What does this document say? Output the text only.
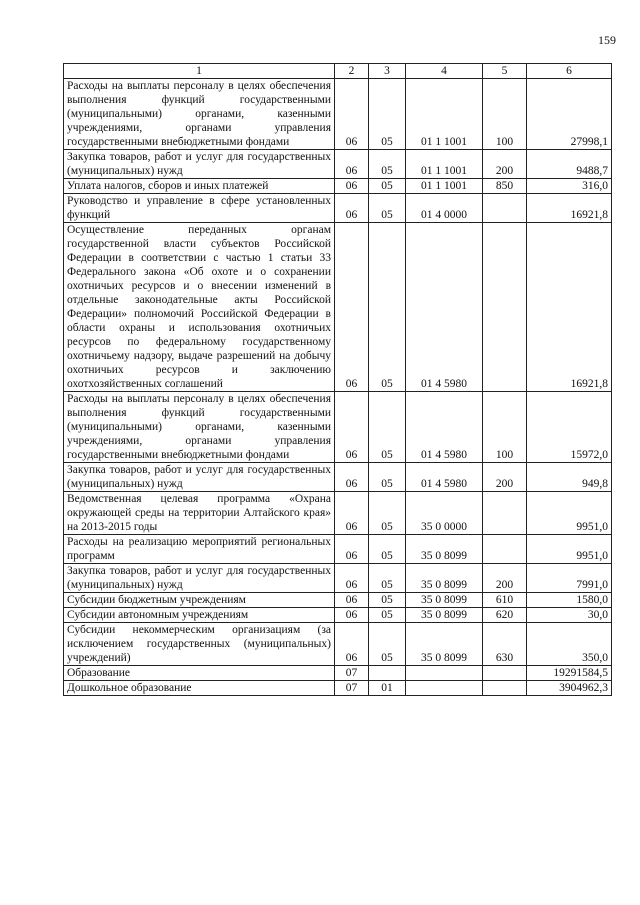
159
1	2	3	4	5	6
Расходы на выплаты персоналу в целях обеспечения выполнения функций государственными (муниципальными) органами, казенными учреждениями, органами управления государственными внебюджетными фондами	06	05	01 1 1001	100	27998,1
Закупка товаров, работ и услуг для государственных (муниципальных) нужд	06	05	01 1 1001	200	9488,7
Уплата налогов, сборов и иных платежей	06	05	01 1 1001	850	316,0
Руководство и управление в сфере установленных функций	06	05	01 4 0000		16921,8
Осуществление переданных органам государственной власти субъектов Российской Федерации в соответствии с частью 1 статьи 33 Федерального закона «Об охоте и о сохранении охотничьих ресурсов и о внесении изменений в отдельные законодательные акты Российской Федерации» полномочий Российской Федерации в области охраны и использования охотничьих ресурсов по федеральному государственному охотничьему надзору, выдаче разрешений на добычу охотничьих ресурсов и заключению охотхозяйственных соглашений	06	05	01 4 5980		16921,8
Расходы на выплаты персоналу в целях обеспечения выполнения функций государственными (муниципальными) органами, казенными учреждениями, органами управления государственными внебюджетными фондами	06	05	01 4 5980	100	15972,0
Закупка товаров, работ и услуг для государственных (муниципальных) нужд	06	05	01 4 5980	200	949,8
Ведомственная целевая программа «Охрана окружающей среды на территории Алтайского края» на 2013-2015 годы	06	05	35 0 0000		9951,0
Расходы на реализацию мероприятий региональных программ	06	05	35 0 8099		9951,0
Закупка товаров, работ и услуг для государственных (муниципальных) нужд	06	05	35 0 8099	200	7991,0
Субсидии бюджетным учреждениям	06	05	35 0 8099	610	1580,0
Субсидии автономным учреждениям	06	05	35 0 8099	620	30,0
Субсидии некоммерческим организациям (за исключением государственных (муниципальных) учреждений)	06	05	35 0 8099	630	350,0
Образование	07				19291584,5
Дошкольное образование	07	01			3904962,3
